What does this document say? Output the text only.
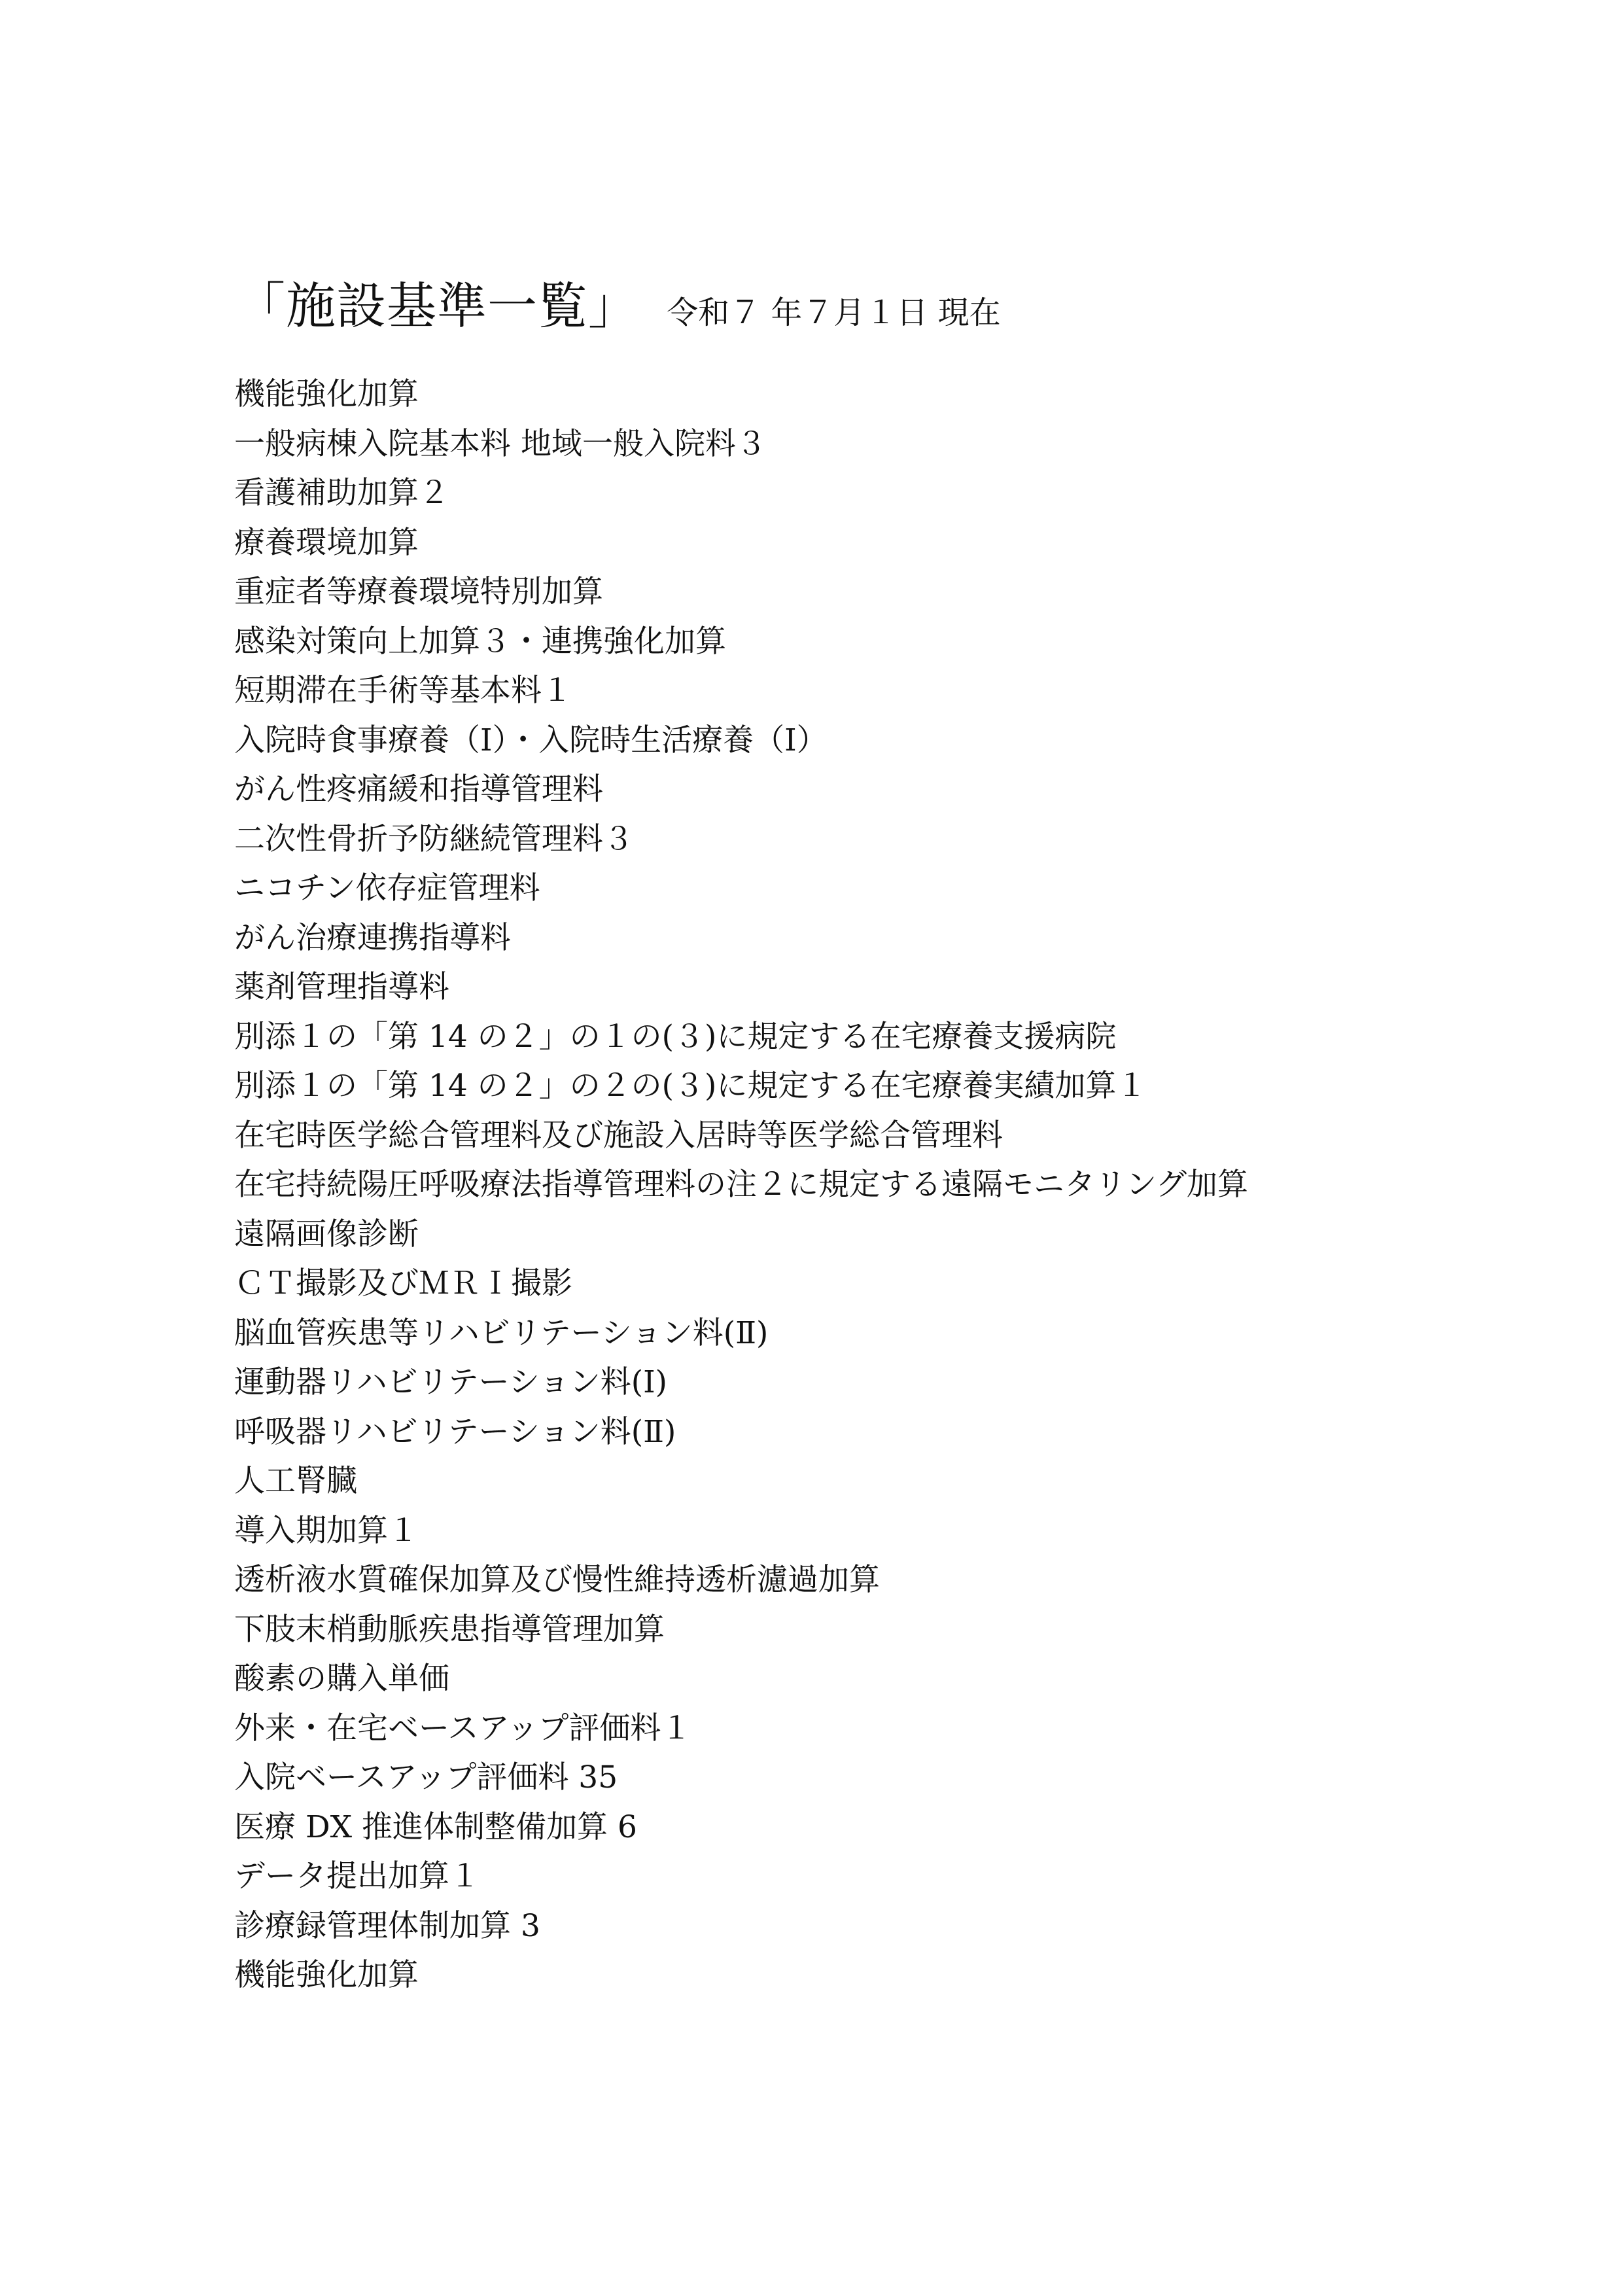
「施設基準一覧」 令和７ 年７月１日 現在
機能強化加算
一般病棟入院基本料 地域一般入院料３
看護補助加算２
療養環境加算
重症者等療養環境特別加算
感染対策向上加算３・連携強化加算
短期滞在手術等基本料１
入院時食事療養（Ⅰ）・入院時生活療養（Ⅰ）
がん性疼痛緩和指導管理料
二次性骨折予防継続管理料３
ニコチン依存症管理料
がん治療連携指導料
薬剤管理指導料
別添１の「第 14 の２」の１の(３)に規定する在宅療養支援病院
別添１の「第 14 の２」の２の(３)に規定する在宅療養実績加算１
在宅時医学総合管理料及び施設入居時等医学総合管理料
在宅持続陽圧呼吸療法指導管理料の注２に規定する遠隔モニタリング加算
遠隔画像診断
ＣＴ撮影及びＭＲＩ撮影
脳血管疾患等リハビリテーション料(Ⅱ)
運動器リハビリテーション料(Ⅰ)
呼吸器リハビリテーション料(Ⅱ)
人工腎臓
導入期加算１
透析液水質確保加算及び慢性維持透析濾過加算
下肢末梢動脈疾患指導管理加算
酸素の購入単価
外来・在宅ベースアップ評価料１
入院ベースアップ評価料 35
医療 DX 推進体制整備加算 6
データ提出加算１
診療録管理体制加算 3
機能強化加算
